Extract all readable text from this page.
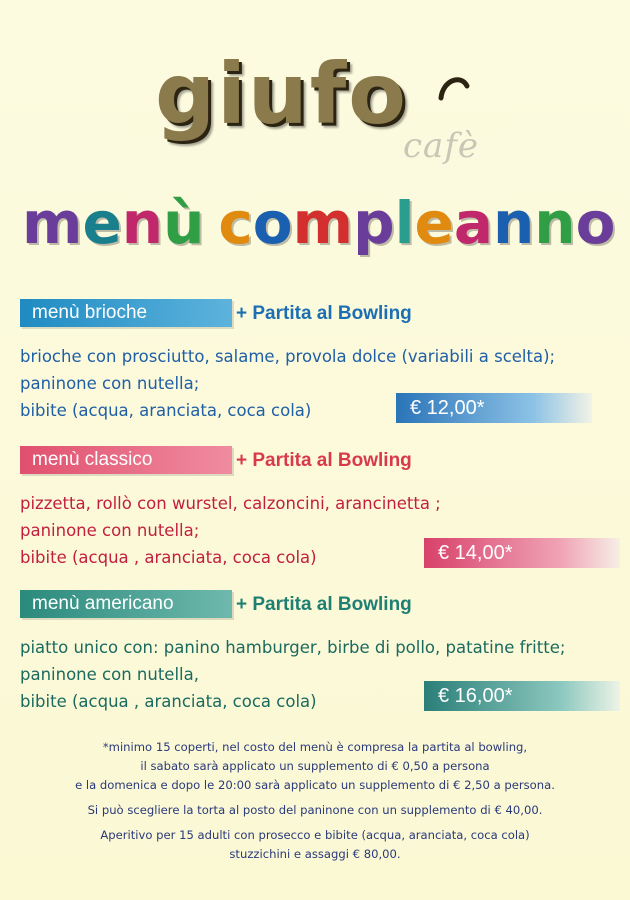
giufo
cafè
menù compleanno
menù brioche	+ Partita al Bowling
brioche con prosciutto, salame, provola dolce (variabili a scelta);
paninone con nutella;
bibite (acqua, aranciata, coca cola)	€ 12,00*
menù classico	+ Partita al Bowling
pizzetta, rollò con wurstel, calzoncini, arancinetta ;
paninone con nutella;
bibite (acqua , aranciata, coca cola)	€ 14,00*
menù americano	+ Partita al Bowling
piatto unico con: panino hamburger, birbe di pollo, patatine fritte;
paninone con nutella,
bibite (acqua , aranciata, coca cola)	€ 16,00*

*minimo 15 coperti, nel costo del menù è compresa la partita al bowling,

il sabato sarà applicato un supplemento di € 0,50 a persona

e la domenica e dopo le 20:00 sarà applicato un supplemento di € 2,50 a persona.

Si può scegliere la torta al posto del paninone con un supplemento di € 40,00.

Aperitivo per 15 adulti con prosecco e bibite (acqua, aranciata, coca cola)

stuzzichini e assaggi € 80,00.
